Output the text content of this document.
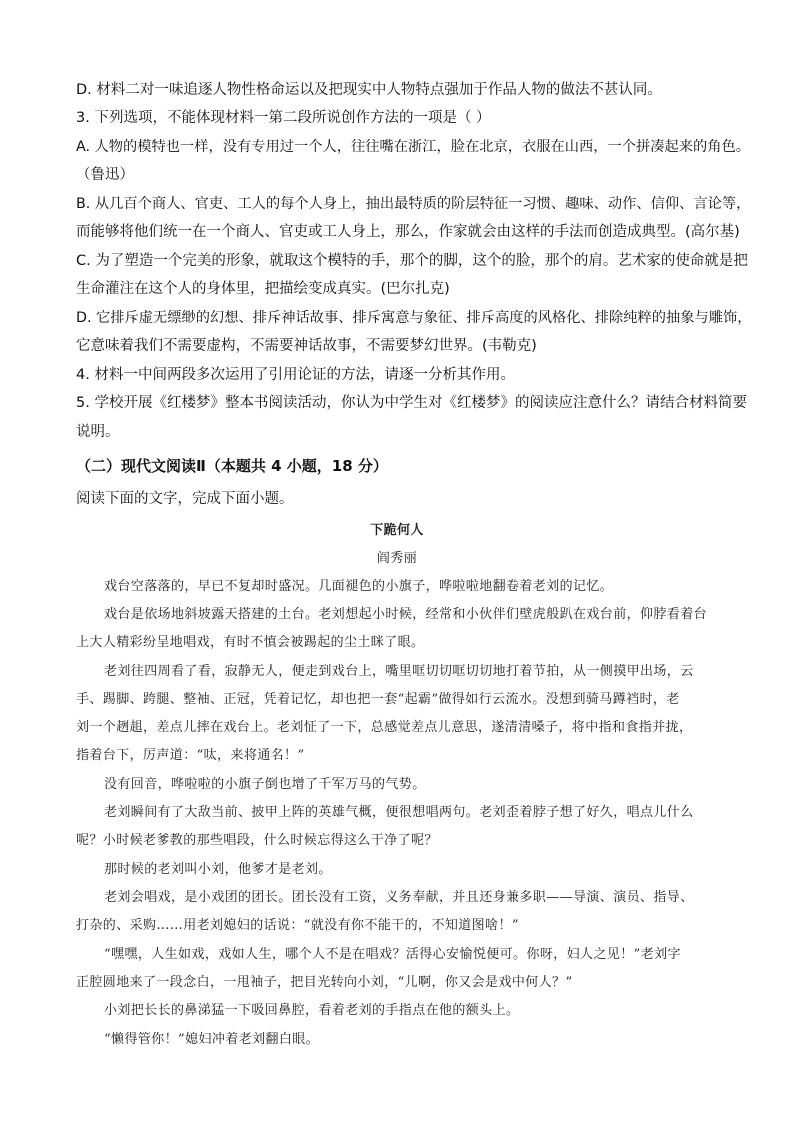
D. 材料二对一味追逐人物性格命运以及把现实中人物特点强加于作品人物的做法不甚认同。
3. 下列选项，不能体现材料一第二段所说创作方法的一项是（ ）
A. 人物的模特也一样，没有专用过一个人，往往嘴在浙江，脸在北京，衣服在山西，一个拼凑起来的角色。
（鲁迅）
B. 从几百个商人、官吏、工人的每个人身上，抽出最特质的阶层特征一习惯、趣味、动作、信仰、言论等，
而能够将他们统一在一个商人、官吏或工人身上，那么，作家就会由这样的手法而创造成典型。(高尔基)
C. 为了塑造一个完美的形象，就取这个模特的手，那个的脚，这个的脸，那个的肩。艺术家的使命就是把
生命灌注在这个人的身体里，把描绘变成真实。(巴尔扎克)
D. 它排斥虚无缥缈的幻想、排斥神话故事、排斥寓意与象征、排斥高度的风格化、排除纯粹的抽象与雕饰，
它意味着我们不需要虚构，不需要神话故事，不需要梦幻世界。(韦勒克)
4. 材料一中间两段多次运用了引用论证的方法，请逐一分析其作用。
5. 学校开展《红楼梦》整本书阅读活动，你认为中学生对《红楼梦》的阅读应注意什么？请结合材料简要
说明。
（二）现代文阅读Ⅱ（本题共 4 小题，18 分）
阅读下面的文字，完成下面小题。
下跪何人
阎秀丽
戏台空落落的，早已不复却时盛况。几面褪色的小旗子，哗啦啦地翻卷着老刘的记忆。
戏台是依场地斜坡露天搭建的土台。老刘想起小时候，经常和小伙伴们壁虎般趴在戏台前，仰脖看着台
上大人精彩纷呈地唱戏，有时不慎会被踢起的尘土眯了眼。
老刘往四周看了看，寂静无人，便走到戏台上，嘴里哐切切哐切切地打着节拍，从一侧摸甲出场，云
手、踢脚、跨腿、整袖、正冠，凭着记忆，却也把一套“起霸”做得如行云流水。没想到骑马蹲裆时，老
刘一个趔趄，差点儿摔在戏台上。老刘怔了一下，总感觉差点儿意思，遂清清嗓子，将中指和食指并拢，
指着台下，厉声道：“呔，来将通名！”
没有回音，哗啦啦的小旗子倒也增了千军万马的气势。
老刘瞬间有了大敌当前、披甲上阵的英雄气概，便很想唱两句。老刘歪着脖子想了好久，唱点儿什么
呢？小时候老爹教的那些唱段，什么时候忘得这么干净了呢？
那时候的老刘叫小刘，他爹才是老刘。
老刘会唱戏，是小戏团的团长。团长没有工资，义务奉献，并且还身兼多职——导演、演员、指导、
打杂的、采购……用老刘媳妇的话说：“就没有你不能干的，不知道图啥！”
“嘿嘿，人生如戏，戏如人生，哪个人不是在唱戏？活得心安愉悦便可。你呀，妇人之见！”老刘字
正腔圆地来了一段念白，一甩袖子，把目光转向小刘，“儿啊，你又会是戏中何人？”
小刘把长长的鼻涕猛一下吸回鼻腔，看着老刘的手指点在他的额头上。
“懒得管你！”媳妇冲着老刘翻白眼。
